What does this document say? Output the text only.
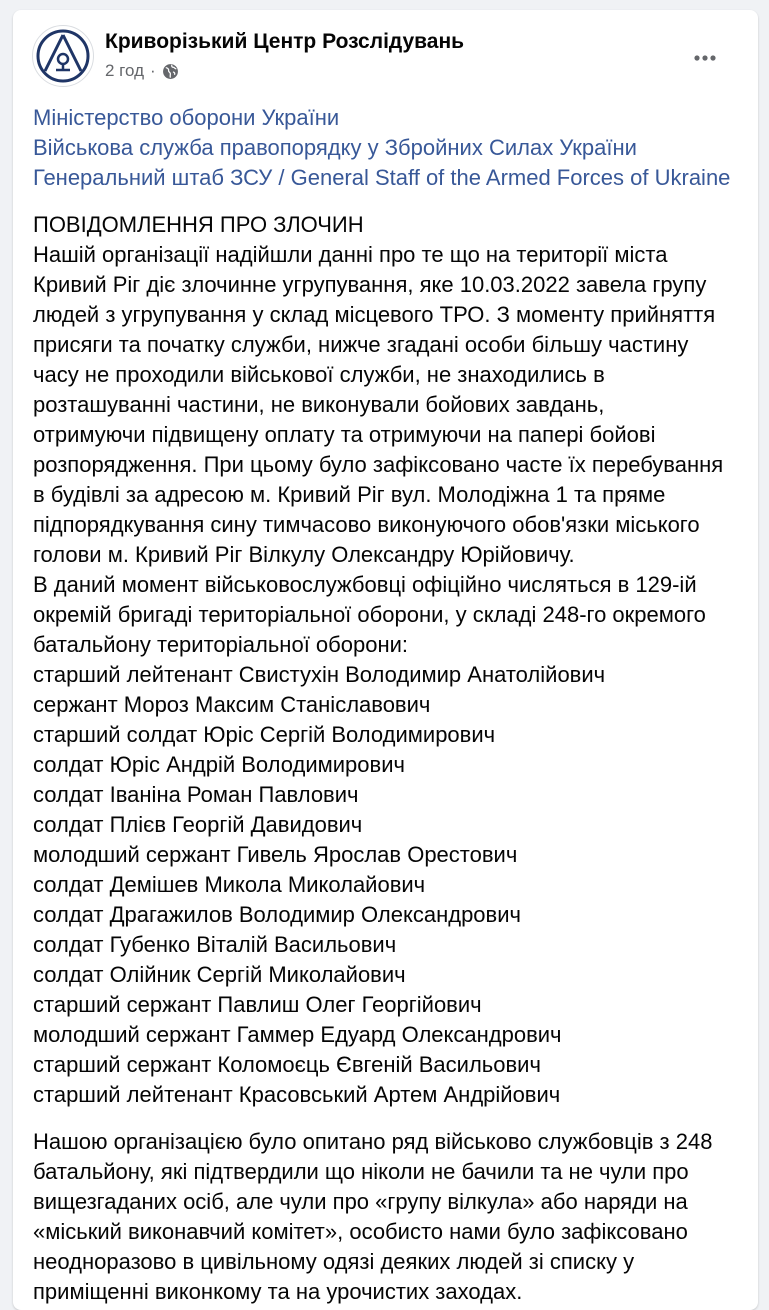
Криворізький Центр Розслідувань
2 год ·
Міністерство оборони України
Військова служба правопорядку у Збройних Силах України
Генеральний штаб ЗСУ / General Staff of the Armed Forces of Ukraine
ПОВІДОМЛЕННЯ ПРО ЗЛОЧИН
Нашій організації надійшли данні про те що на території міста
Кривий Ріг діє злочинне угрупування, яке 10.03.2022 завела групу
людей з угрупування у склад місцевого ТРО. З моменту прийняття
присяги та початку служби, нижче згадані особи більшу частину
часу не проходили військової служби, не знаходились в
розташуванні частини, не виконували бойових завдань,
отримуючи підвищену оплату та отримуючи на папері бойові
розпорядження. При цьому було зафіксовано часте їх перебування
в будівлі за адресою м. Кривий Ріг вул. Молодіжна 1 та пряме
підпорядкування сину тимчасово виконуючого обов'язки міського
голови м. Кривий Ріг Вілкулу Олександру Юрійовичу.
В даний момент військовослужбовці офіційно числяться в 129-ій
окремій бригаді територіальної оборони, у складі 248-го окремого
батальйону територіальної оборони:
старший лейтенант Свистухін Володимир Анатолійович
сержант Мороз Максим Станіславович
старший солдат Юріс Сергій Володимирович
солдат Юріс Андрій Володимирович
солдат Іваніна Роман Павлович
солдат Плієв Георгій Давидович
молодший сержант Гивель Ярослав Орестович
солдат Демішев Микола Миколайович
солдат Драгажилов Володимир Олександрович
солдат Губенко Віталій Васильович
солдат Олійник Сергій Миколайович
старший сержант Павлиш Олег Георгійович
молодший сержант Гаммер Едуард Олександрович
старший сержант Коломоєць Євгеній Васильович
старший лейтенант Красовський Артем Андрійович
Нашою організацією було опитано ряд військово службовців з 248
батальйону, які підтвердили що ніколи не бачили та не чули про
вищезгаданих осіб, але чули про «групу вілкула» або наряди на
«міський виконавчий комітет», особисто нами було зафіксовано
неодноразово в цивільному одязі деяких людей зі списку у
приміщенні виконкому та на урочистих заходах.
